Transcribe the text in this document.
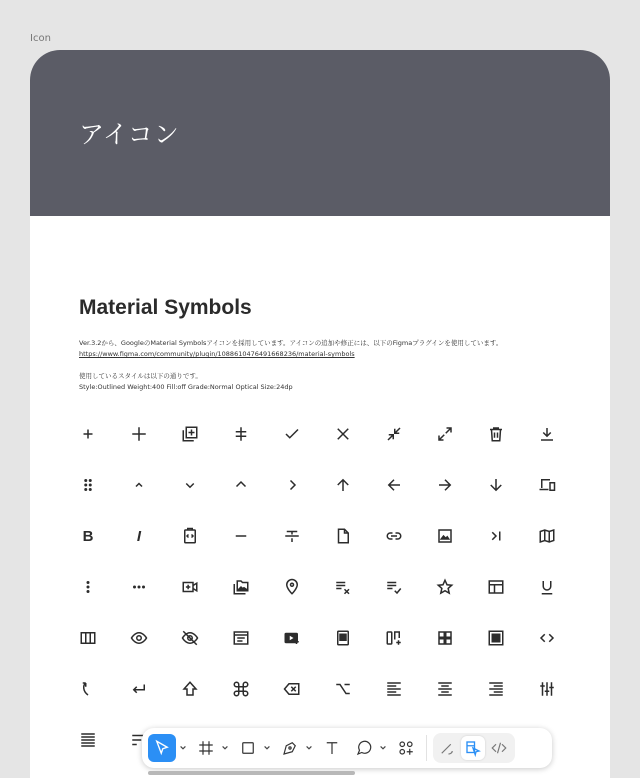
Icon
アイコン
Material Symbols
Ver.3.2から、GoogleのMaterial Symbolsアイコンを採用しています。アイコンの追加や修正には、以下のFigmaプラグインを使用しています。
https://www.figma.com/community/plugin/1088610476491668236/material-symbols
使用しているスタイルは以下の通りです。
Style:Outlined Weight:400 Fill:off Grade:Normal Optical Size:24dp
B	I
